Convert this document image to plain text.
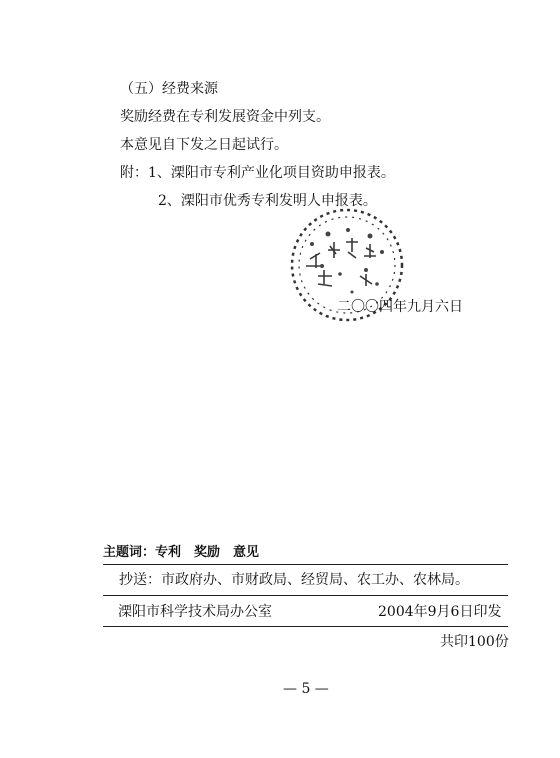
（五）经费来源
奖励经费在专利发展资金中列支。
本意见自下发之日起试行。
附：1、溧阳市专利产业化项目资助申报表。
2、溧阳市优秀专利发明人申报表。
二〇〇四年九月六日
主题词：专利　奖励　意见
抄送：市政府办、市财政局、经贸局、农工办、农林局。
溧阳市科学技术局办公室	2004年9月6日印发
共印100份
— 5 —
